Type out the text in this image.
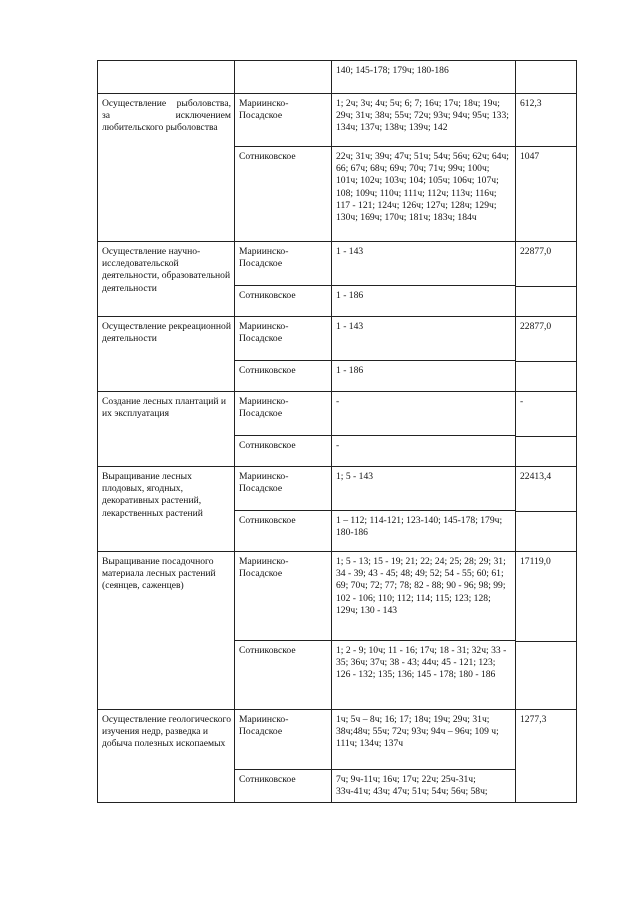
		140; 145-178; 179ч; 180-186	

Осуществление рыболовства, за исключением любительского рыболовства	Мариинско-Посадское	1; 2ч; 3ч; 4ч; 5ч; 6; 7; 16ч; 17ч; 18ч; 19ч; 29ч; 31ч; 38ч; 55ч; 72ч; 93ч; 94ч; 95ч; 133; 134ч; 137ч; 138ч; 139ч; 142	612,3
	Сотниковское	22ч; 31ч; 39ч; 47ч; 51ч; 54ч; 56ч; 62ч; 64ч; 66; 67ч; 68ч; 69ч; 70ч; 71ч; 99ч; 100ч; 101ч; 102ч; 103ч; 104; 105ч; 106ч; 107ч; 108; 109ч; 110ч; 111ч; 112ч; 113ч; 116ч; 117 - 121; 124ч; 126ч; 127ч; 128ч; 129ч; 130ч; 169ч; 170ч; 181ч; 183ч; 184ч	1047
Осуществление научно-исследовательской деятельности, образовательной деятельности	Мариинско-Посадское	1 - 143	22877,0

	Сотниковское	1 - 186	
Осуществление рекреационной деятельности	Мариинско-Посадское	1 - 143	22877,0

	Сотниковское	1 - 186	
Создание лесных плантаций и их эксплуатация	Мариинско-Посадское	-	-

	Сотниковское	-	
Выращивание лесных плодовых, ягодных, декоративных растений, лекарственных растений	Мариинско-Посадское	1; 5 - 143	22413,4

	Сотниковское	1 – 112; 114-121; 123-140; 145-178; 179ч; 180-186	
Выращивание посадочного материала лесных растений (сеянцев, саженцев)	Мариинско-Посадское	1; 5 - 13; 15 - 19; 21; 22; 24; 25; 28; 29; 31; 34 - 39; 43 - 45; 48; 49; 52; 54 - 55; 60; 61; 69; 70ч; 72; 77; 78; 82 - 88; 90 - 96; 98; 99; 102 - 106; 110; 112; 114; 115; 123; 128; 129ч; 130 - 143	17119,0

	Сотниковское	1; 2 - 9; 10ч; 11 - 16; 17ч; 18 - 31; 32ч; 33 - 35; 36ч; 37ч; 38 - 43; 44ч; 45 - 121; 123; 126 - 132; 135; 136; 145 - 178; 180 - 186	
Осуществление геологического изучения недр, разведка и добыча полезных ископаемых	Мариинско-Посадское	1ч; 5ч – 8ч; 16; 17; 18ч; 19ч; 29ч; 31ч; 38ч;48ч; 55ч; 72ч; 93ч; 94ч – 96ч; 109 ч; 111ч; 134ч; 137ч	1277,3
	Сотниковское	7ч; 9ч-11ч; 16ч; 17ч; 22ч; 25ч-31ч; 33ч-41ч; 43ч; 47ч; 51ч; 54ч; 56ч; 58ч;	
